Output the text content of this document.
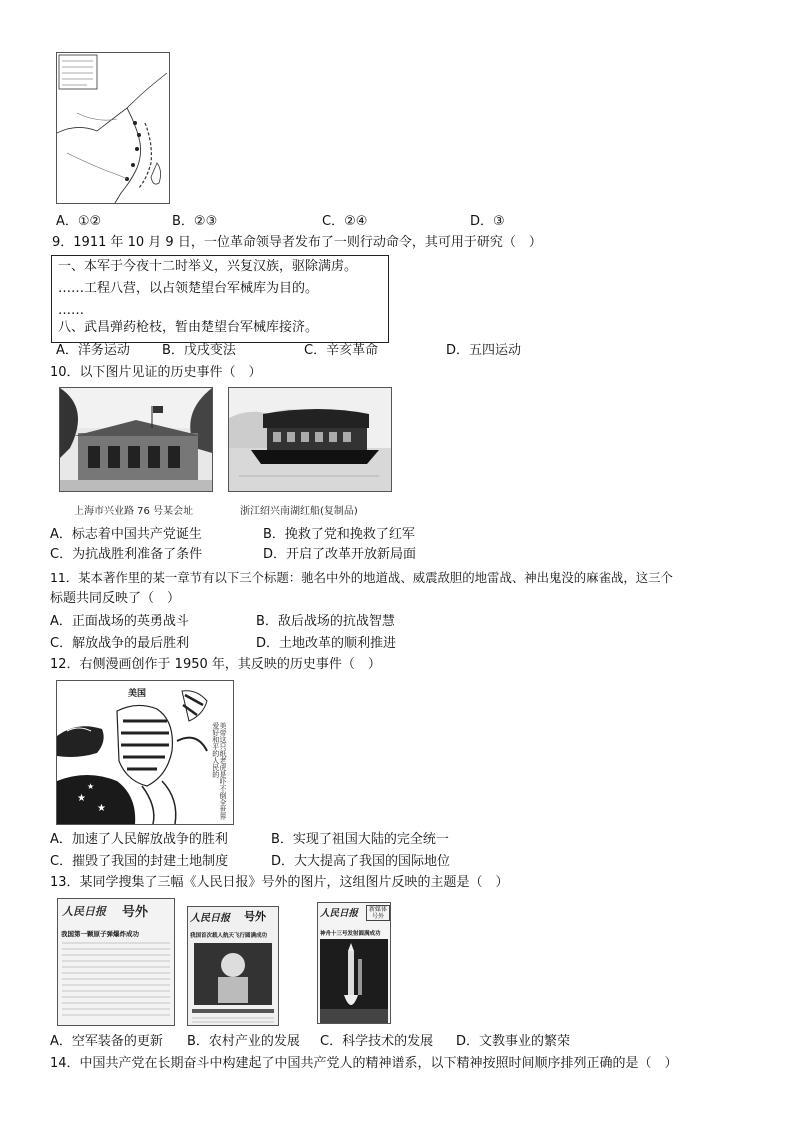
A．①②	B．②③	C．②④	D．③
9．1911 年 10 月 9 日，一位革命领导者发布了一则行动命令，其可用于研究（　）
一、本军于今夜十二时举义，兴复汉族，驱除满虏。
……工程八营，以占领楚望台军械库为目的。
……
八、武昌弹药枪枝，暂由楚望台军械库接济。
A．洋务运动 B．戊戌变法	C．辛亥革命	D．五四运动
10．以下图片见证的历史事件（　）
上海市兴业路 76 号某会址	浙江绍兴南湖红船(复制品)
A．标志着中国共产党诞生	B．挽救了党和挽救了红军
C．为抗战胜利准备了条件	D．开启了改革开放新局面
11．某本著作里的某一章节有以下三个标题：驰名中外的地道战、威震敌胆的地雷战、神出鬼没的麻雀战，这三个
标题共同反映了（　）
A．正面战场的英勇战斗	B．敌后战场的抗战智慧
C．解放战争的最后胜利	D．土地改革的顺利推进
12．右侧漫画创作于 1950 年，其反映的历史事件（　）
★
★
★
美国
美帝这只纸老虎是吓不倒全世界爱好和平的人民的
A．加速了人民解放战争的胜利	B．实现了祖国大陆的完全统一
C．摧毁了我国的封建土地制度	D．大大提高了我国的国际地位
13．某同学搜集了三幅《人民日报》号外的图片，这组图片反映的主题是（　）
人民日报 号外
我国第一颗原子弹爆炸成功
人民日报 号外
我国首次载人航天飞行圆满成功
人民日报	新媒体号外
神舟十三号发射圆满成功
A．空军装备的更新 B．农村产业的发展 C．科学技术的发展 D．文教事业的繁荣
14．中国共产党在长期奋斗中构建起了中国共产党人的精神谱系，以下精神按照时间顺序排列正确的是（　）
